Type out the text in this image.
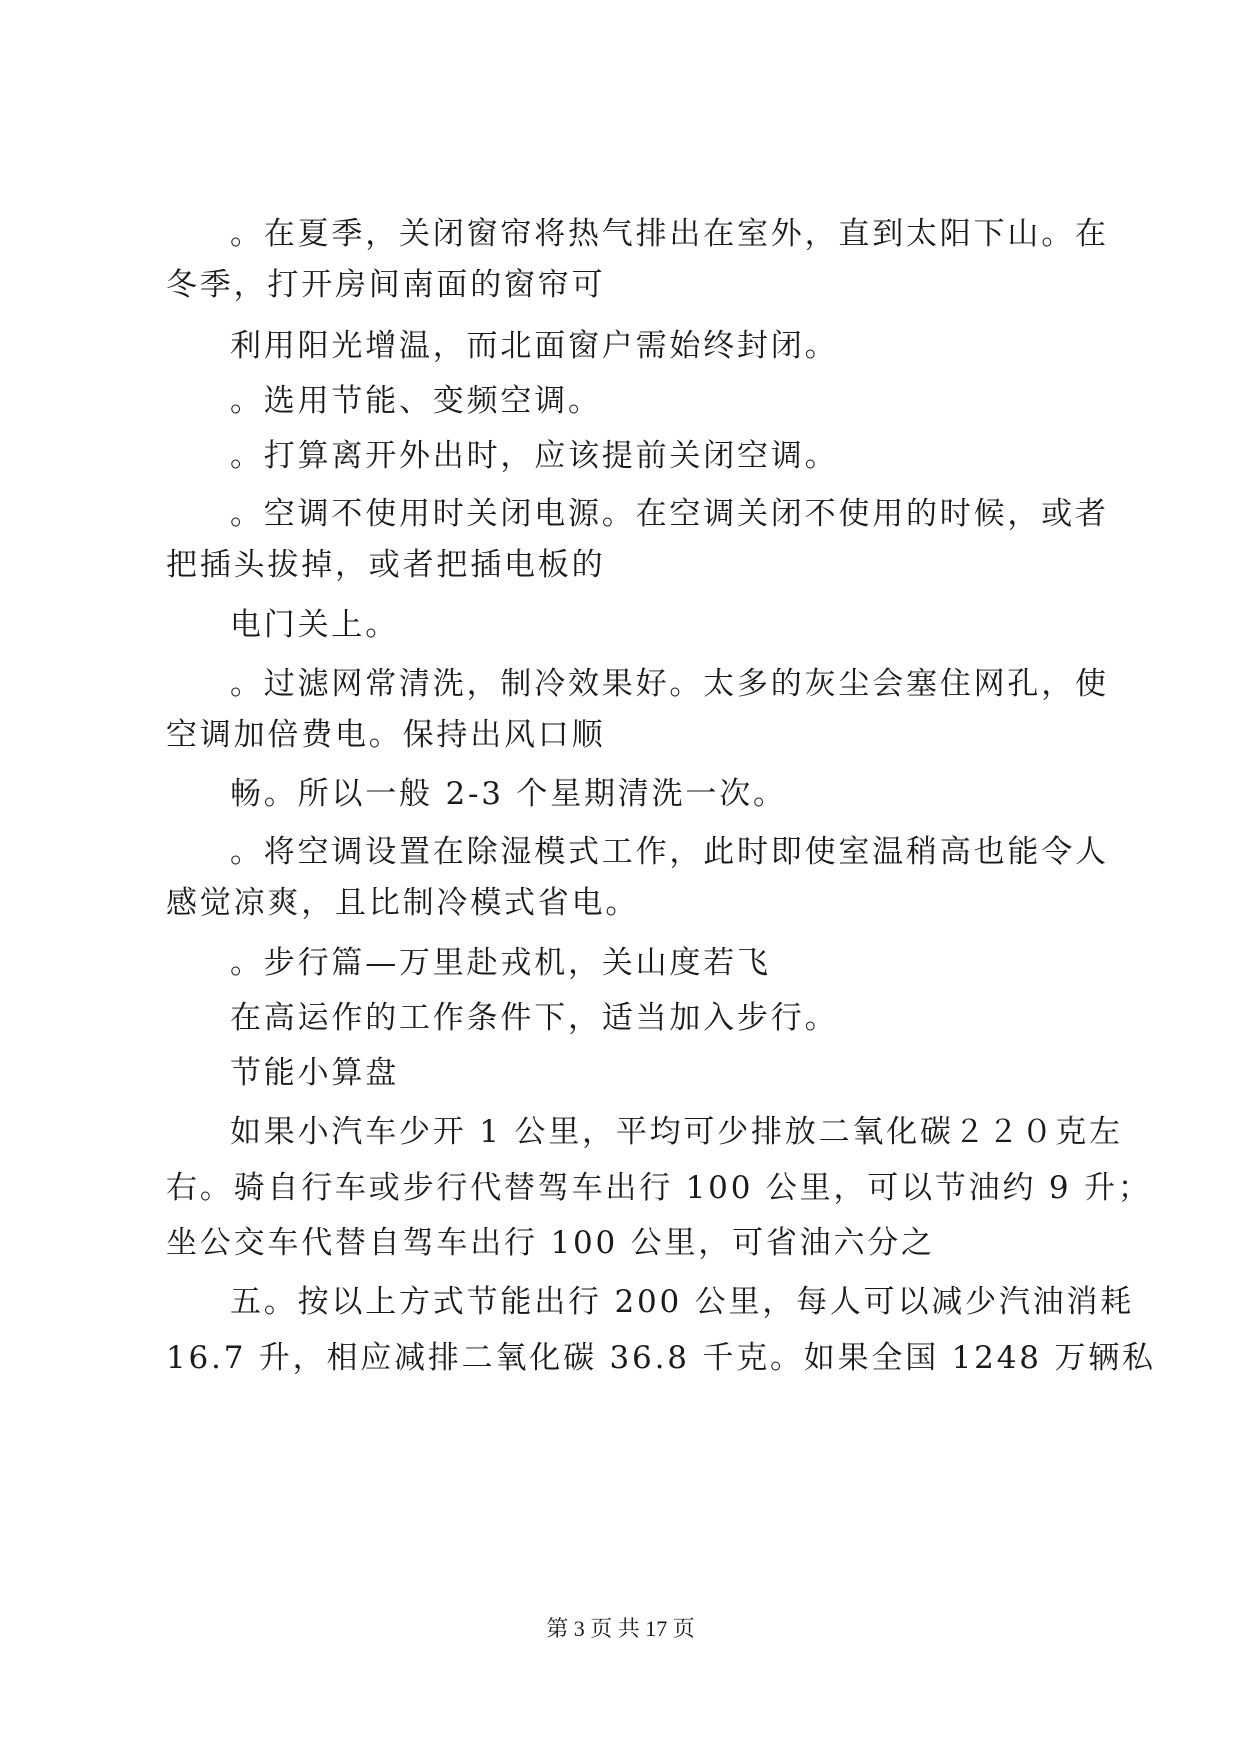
。在夏季，关闭窗帘将热气排出在室外，直到太阳下山。在
冬季，打开房间南面的窗帘可
利用阳光增温，而北面窗户需始终封闭。
。选用节能、变频空调。
。打算离开外出时，应该提前关闭空调。
。空调不使用时关闭电源。在空调关闭不使用的时候，或者
把插头拔掉，或者把插电板的
电门关上。
。过滤网常清洗，制冷效果好。太多的灰尘会塞住网孔，使
空调加倍费电。保持出风口顺
畅。所以一般 2-3 个星期清洗一次。
。将空调设置在除湿模式工作，此时即使室温稍高也能令人
感觉凉爽，且比制冷模式省电。
。步行篇—万里赴戎机，关山度若飞
在高运作的工作条件下，适当加入步行。
节能小算盘
如果小汽车少开 1 公里，平均可少排放二氧化碳２２０克左
右。骑自行车或步行代替驾车出行 100 公里，可以节油约 9 升；
坐公交车代替自驾车出行 100 公里，可省油六分之
五。按以上方式节能出行 200 公里，每人可以减少汽油消耗
16.7 升，相应减排二氧化碳 36.8 千克。如果全国 1248 万辆私
第 3 页 共 17 页
